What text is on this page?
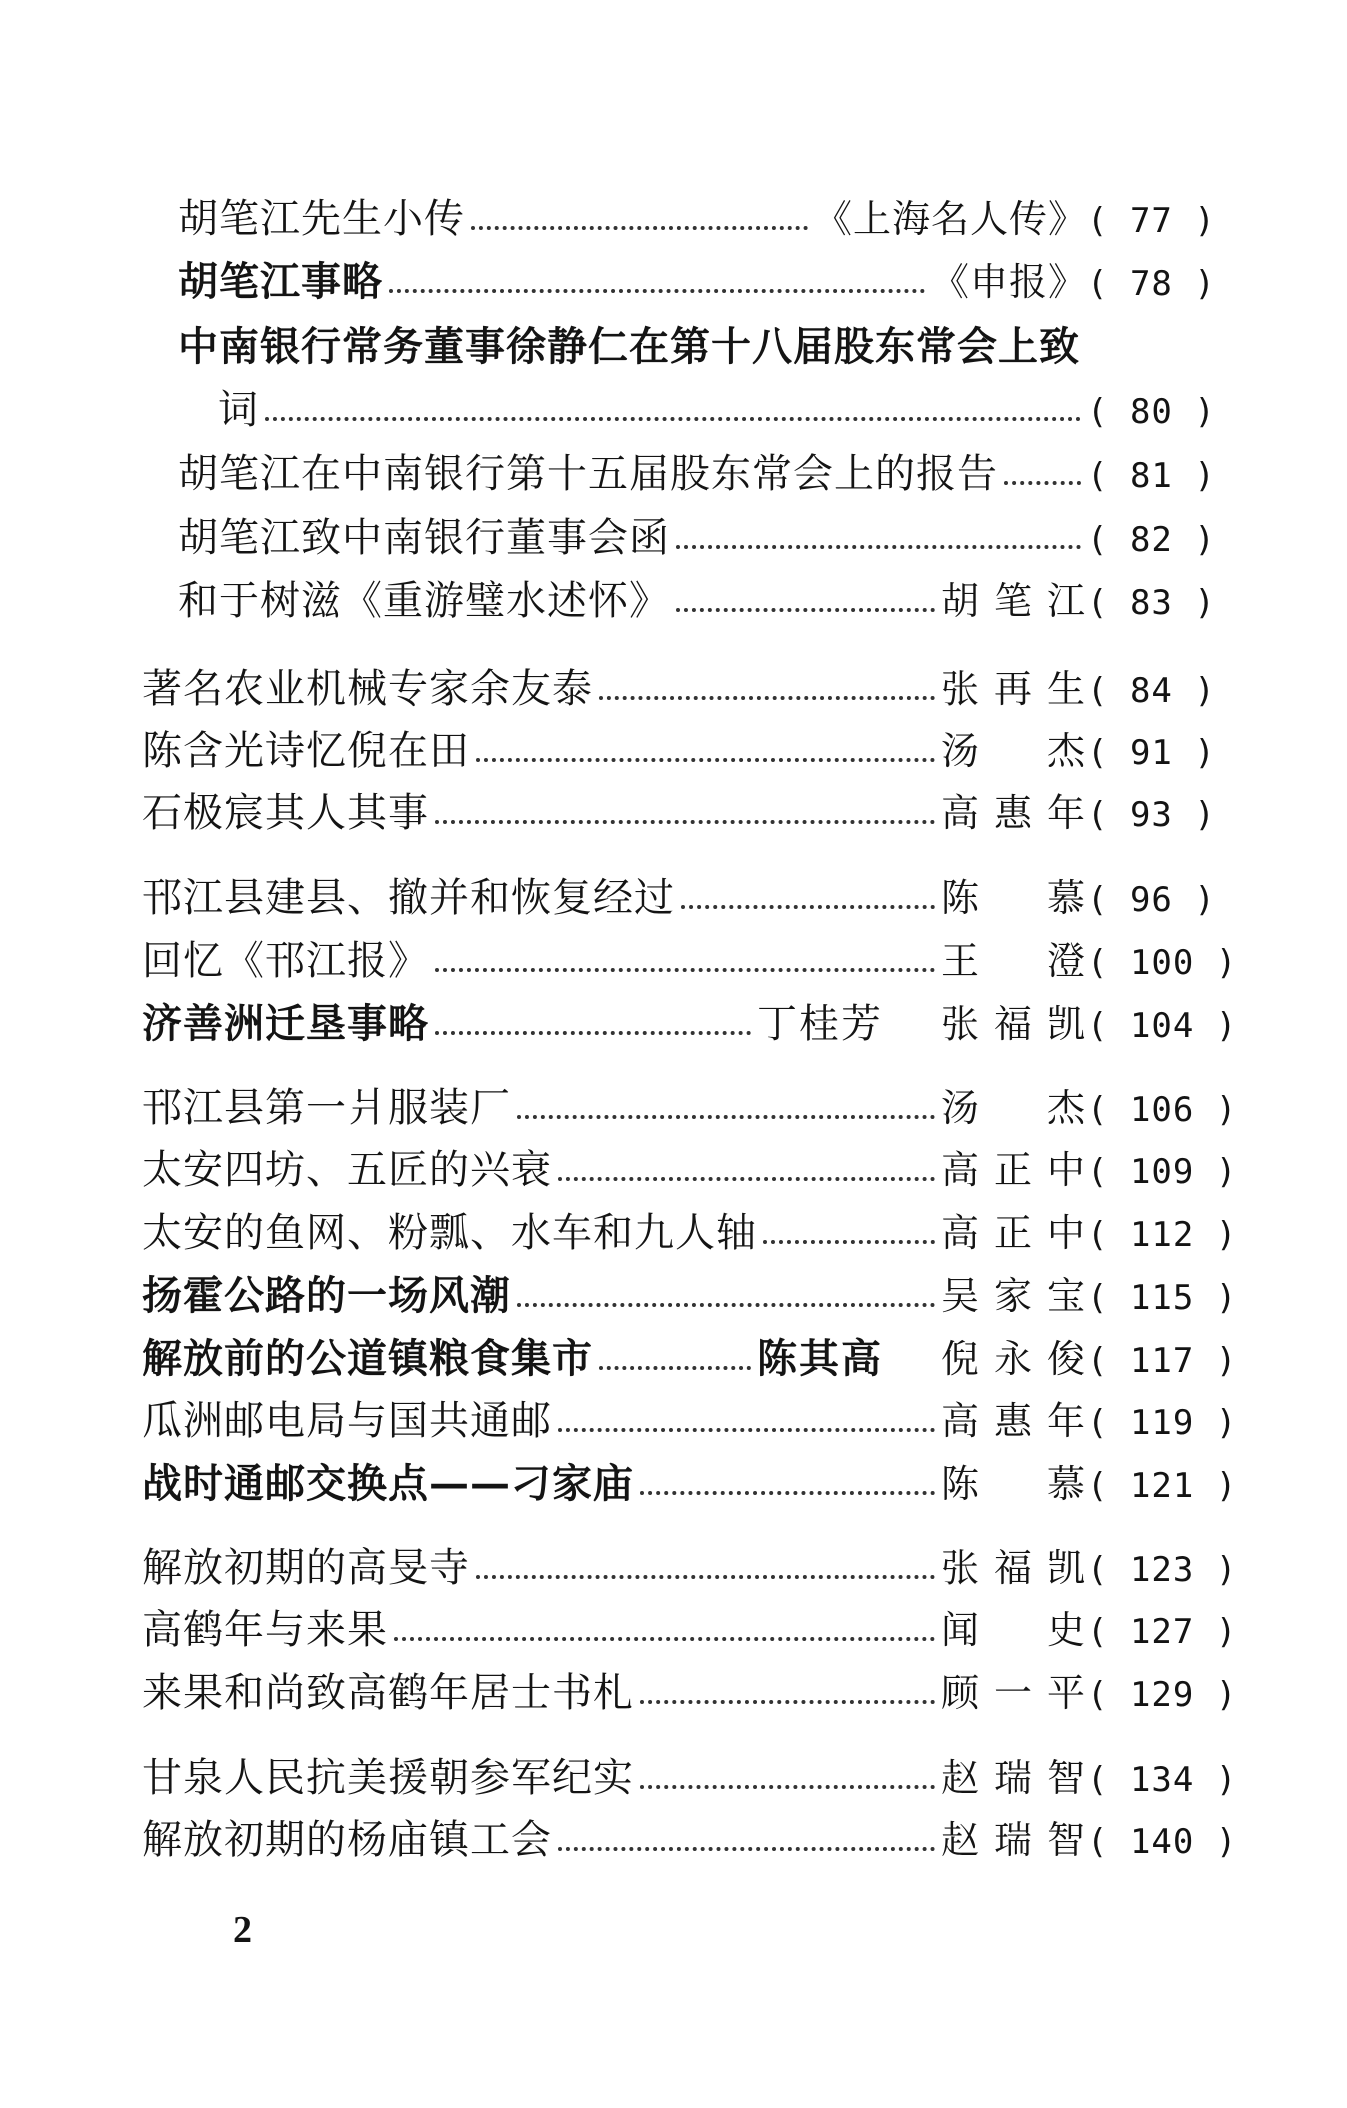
胡笔江先生小传	《上海名人传》 ( 77 )
胡笔江事略	《申报》 ( 78 )
中南银行常务董事徐静仁在第十八届股东常会上致
词	( 80 )
胡笔江在中南银行第十五届股东常会上的报告	( 81 )
胡笔江致中南银行董事会函	( 82 )
和于树滋《重游璧水述怀》	胡笔江 ( 83 )
著名农业机械专家余友泰	张再生 ( 84 )
陈含光诗忆倪在田	汤　杰 ( 91 )
石极宸其人其事	高惠年 ( 93 )
邗江县建县、撤并和恢复经过	陈　慕 ( 96 )
回忆《邗江报》	王　澄 ( 100 )
济善洲迁垦事略	丁桂芳 张福凯 ( 104 )
邗江县第一爿服装厂	汤　杰 ( 106 )
太安四坊、五匠的兴衰	高正中 ( 109 )
太安的鱼网、粉瓢、水车和九人轴	高正中 ( 112 )
扬霍公路的一场风潮	吴家宝 ( 115 )
解放前的公道镇粮食集市	陈其高 倪永俊 ( 117 )
瓜洲邮电局与国共通邮	高惠年 ( 119 )
战时通邮交换点——刁家庙	陈　慕 ( 121 )
解放初期的高旻寺	张福凯 ( 123 )
高鹤年与来果	闻　史 ( 127 )
来果和尚致高鹤年居士书札	顾一平 ( 129 )
甘泉人民抗美援朝参军纪实	赵瑞智 ( 134 )
解放初期的杨庙镇工会	赵瑞智 ( 140 )
2
